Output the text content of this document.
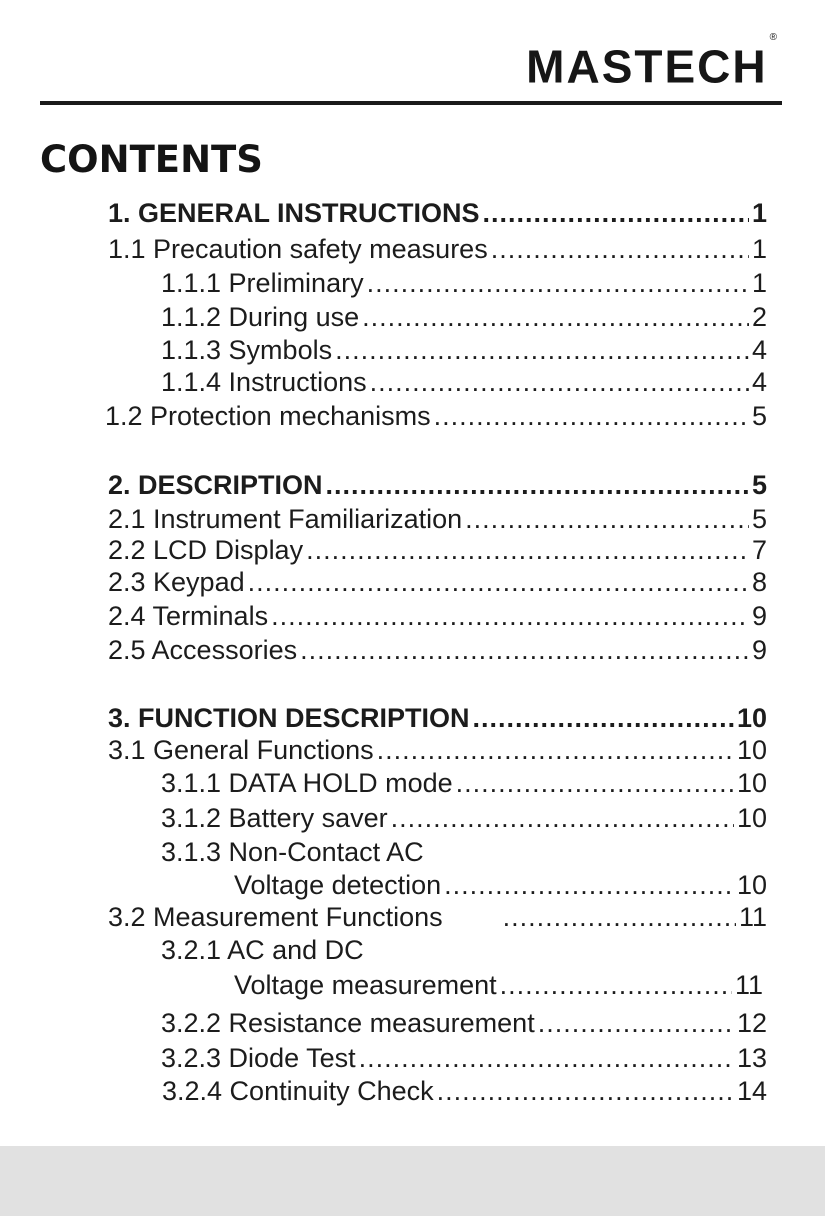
MASTECH®
CONTENTS
1. GENERAL INSTRUCTIONS .....	1
1.1 Precaution safety measures .....	1
1.1.1 Preliminary .....	1
1.1.2 During use .....	2
1.1.3 Symbols .....	4
1.1.4 Instructions .....	4
1.2 Protection mechanisms .....	5
2. DESCRIPTION .....	5
2.1 Instrument Familiarization .....	5
2.2 LCD Display .....	7
2.3 Keypad .....	8
2.4 Terminals .....	9
2.5 Accessories .....	9
3. FUNCTION DESCRIPTION .....	10
3.1 General Functions .....	10
3.1.1 DATA HOLD mode .....	10
3.1.2 Battery saver .....	10
3.1.3 Non-Contact AC
Voltage detection .....	10
3.2 Measurement Functions .....	11
3.2.1 AC and DC
Voltage measurement .....	11
3.2.2 Resistance measurement .....	12
3.2.3 Diode Test .....	13
3.2.4 Continuity Check .....	14
